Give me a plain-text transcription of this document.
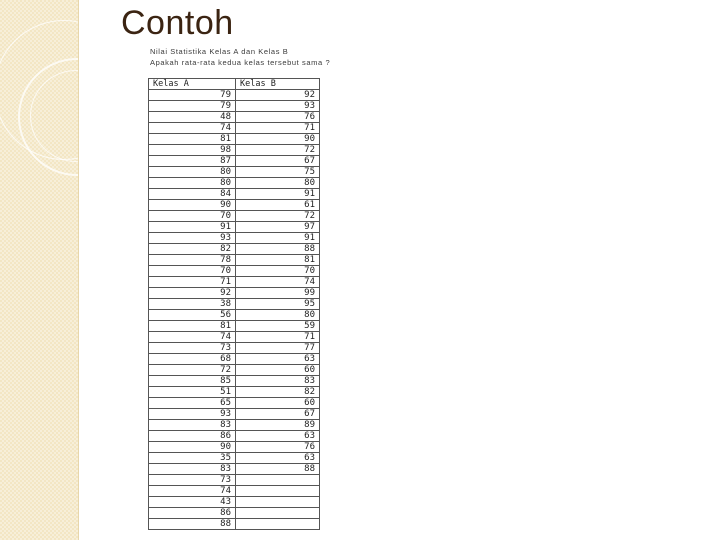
Contoh
Nilai Statistika Kelas A dan Kelas B
Apakah rata-rata kedua kelas tersebut sama ?
Kelas A	Kelas B
79	92
79	93
48	76
74	71
81	90
98	72
87	67
80	75
80	80
84	91
90	61
70	72
91	97
93	91
82	88
78	81
70	70
71	74
92	99
38	95
56	80
81	59
74	71
73	77
68	63
72	60
85	83
51	82
65	60
93	67
83	89
86	63
90	76
35	63
83	88
73	
74	
43	
86	
88	
